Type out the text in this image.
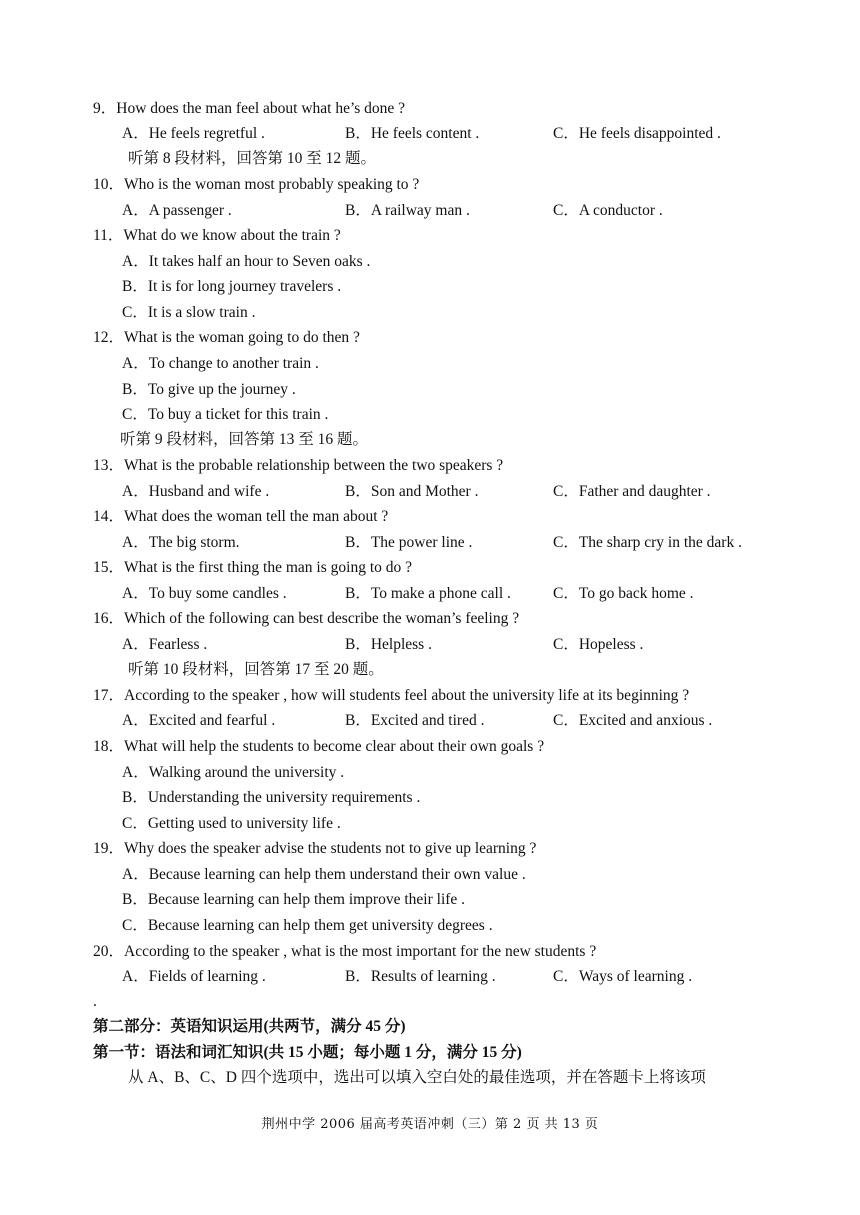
9．How does the man feel about what he’s done ?
A．He feels regretful .	B．He feels content .	C．He feels disappointed .
听第 8 段材料，回答第 10 至 12 题。
10．Who is the woman most probably speaking to ?
A．A passenger .	B．A railway man .	C．A conductor .
11．What do we know about the train ?
A．It takes half an hour to Seven oaks .
B．It is for long journey travelers .
C．It is a slow train .
12．What is the woman going to do then ?
A．To change to another train .
B．To give up the journey .
C．To buy a ticket for this train .
听第 9 段材料，回答第 13 至 16 题。
13．What is the probable relationship between the two speakers ?
A．Husband and wife .	B．Son and Mother .	C．Father and daughter .
14．What does the woman tell the man about ?
A．The big storm.	B．The power line .	C．The sharp cry in the dark .
15．What is the first thing the man is going to do ?
A．To buy some candles .	B．To make a phone call .	C．To go back home .
16．Which of the following can best describe the woman’s feeling ?
A．Fearless .	B．Helpless .	C．Hopeless .
听第 10 段材料，回答第 17 至 20 题。
17．According to the speaker , how will students feel about the university life at its beginning ?
A．Excited and fearful .	B．Excited and tired .	C．Excited and anxious .
18．What will help the students to become clear about their own goals ?
A．Walking around the university .
B．Understanding the university requirements .
C．Getting used to university life .
19．Why does the speaker advise the students not to give up learning ?
A．Because learning can help them understand their own value .
B．Because learning can help them improve their life .
C．Because learning can help them get university degrees .
20．According to the speaker , what is the most important for the new students ?
A．Fields of learning .	B．Results of learning .	C．Ways of learning .
.
第二部分：英语知识运用(共两节，满分 45 分)
第一节：语法和词汇知识(共 15 小题；每小题 1 分，满分 15 分)
从 A、B、C、D 四个选项中，选出可以填入空白处的最佳选项，并在答题卡上将该项
荆州中学 2006 届高考英语冲刺（三）第 2 页 共 13 页
